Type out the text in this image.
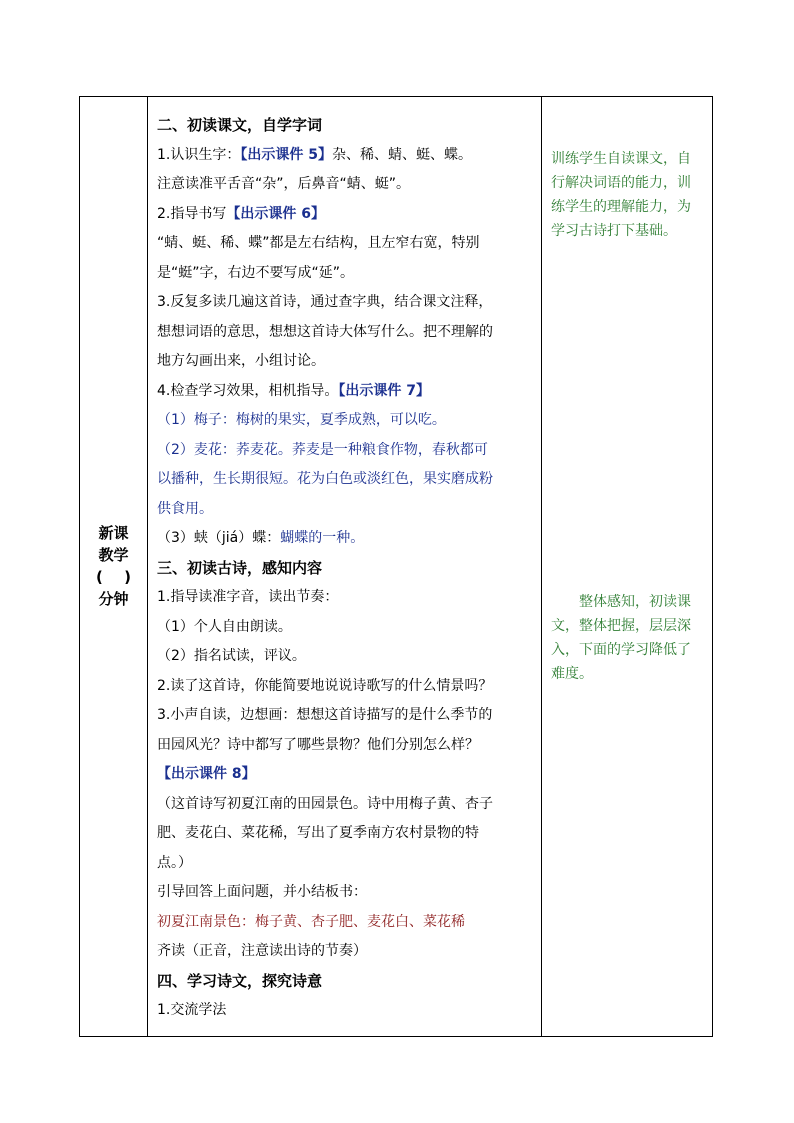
新课
教学
( )
分钟

二、初读课文，自学字词
1.认识生字：【出示课件 5】杂、稀、蜻、蜓、蝶。
注意读准平舌音“杂”，后鼻音“蜻、蜓”。
2.指导书写【出示课件 6】
“蜻、蜓、稀、蝶”都是左右结构，且左窄右宽，特别
是“蜓”字，右边不要写成“延”。
3.反复多读几遍这首诗，通过查字典，结合课文注释，
想想词语的意思，想想这首诗大体写什么。把不理解的
地方勾画出来，小组讨论。
4.检查学习效果，相机指导。【出示课件 7】
（1）梅子：梅树的果实，夏季成熟，可以吃。
（2）麦花：荞麦花。荞麦是一种粮食作物，春秋都可
以播种，生长期很短。花为白色或淡红色，果实磨成粉
供食用。
（3）蛱（jiá）蝶：蝴蝶的一种。
三、初读古诗，感知内容
1.指导读准字音，读出节奏：
（1）个人自由朗读。
（2）指名试读，评议。
2.读了这首诗，你能简要地说说诗歌写的什么情景吗？
3.小声自读，边想画：想想这首诗描写的是什么季节的
田园风光？诗中都写了哪些景物？他们分别怎么样？
【出示课件 8】
（这首诗写初夏江南的田园景色。诗中用梅子黄、杏子
肥、麦花白、菜花稀，写出了夏季南方农村景物的特
点。）
引导回答上面问题，并小结板书：
初夏江南景色：梅子黄、杏子肥、麦花白、菜花稀
齐读（正音，注意读出诗的节奏）
四、学习诗文，探究诗意
1.交流学法

训练学生自读课文，自
行解决词语的能力，训
练学生的理解能力，为
学习古诗打下基础。
整体感知，初读课
文，整体把握，层层深
入，下面的学习降低了
难度。
